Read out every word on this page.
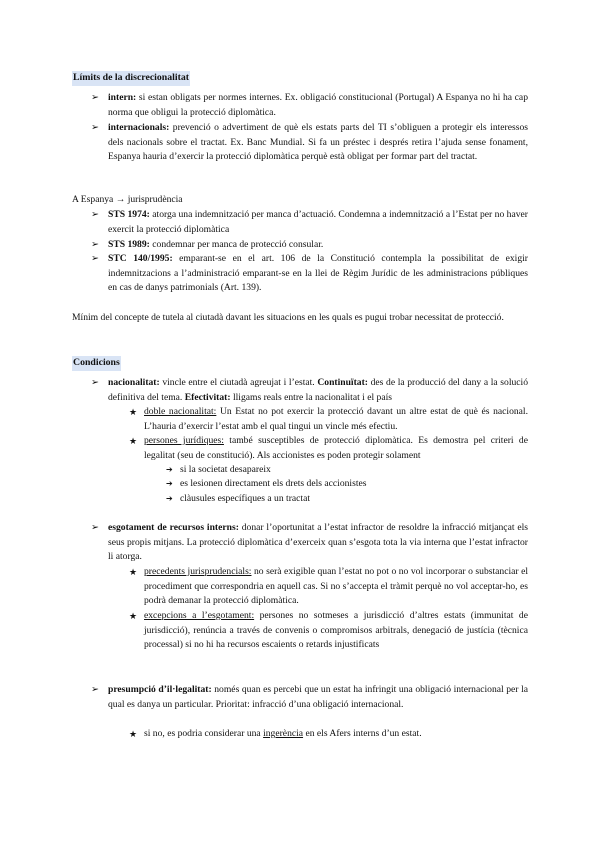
Límits de la discrecionalitat
➢ intern: si estan obligats per normes internes. Ex. obligació constitucional (Portugal) A Espanya no hi ha cap norma que obligui la protecció diplomàtica.
➢ internacionals: prevenció o advertiment de què els estats parts del TI s’obliguen a protegir els interessos dels nacionals sobre el tractat. Ex. Banc Mundial. Si fa un préstec i després retira l’ajuda sense fonament, Espanya hauria d’exercir la protecció diplomàtica perquè està obligat per formar part del tractat.
A Espanya → jurisprudència
➢ STS 1974: atorga una indemnització per manca d’actuació. Condemna a indemnització a l’Estat per no haver exercit la protecció diplomàtica
➢ STS 1989: condemnar per manca de protecció consular.
➢ STC 140/1995: emparant-se en el art. 106 de la Constitució contempla la possibilitat de exigir indemnitzacions a l’administració emparant-se en la llei de Règim Jurídic de les administracions públiques en cas de danys patrimonials (Art. 139).
Mínim del concepte de tutela al ciutadà davant les situacions en les quals es pugui trobar necessitat de protecció.
Condicions
➢ nacionalitat: vincle entre el ciutadà agreujat i l’estat. Continuïtat: des de la producció del dany a la solució definitiva del tema. Efectivitat: lligams reals entre la nacionalitat i el país
★ doble nacionalitat: Un Estat no pot exercir la protecció davant un altre estat de què és nacional. L’hauria d’exercir l’estat amb el qual tingui un vincle més efectiu.
★ persones jurídiques: també susceptibles de protecció diplomàtica. Es demostra pel criteri de legalitat (seu de constitució). Als accionistes es poden protegir solament
➔ si la societat desapareix
➔ es lesionen directament els drets dels accionistes
➔ clàusules específiques a un tractat
➢ esgotament de recursos interns: donar l’oportunitat a l’estat infractor de resoldre la infracció mitjançat els seus propis mitjans. La protecció diplomàtica d’exerceix quan s’esgota tota la via interna que l’estat infractor li atorga.
★ precedents jurisprudencials: no serà exigible quan l’estat no pot o no vol incorporar o substanciar el procediment que correspondria en aquell cas. Si no s’accepta el tràmit perquè no vol acceptar-ho, es podrà demanar la protecció diplomàtica.
★ excepcions a l’esgotament: persones no sotmeses a jurisdicció d’altres estats (immunitat de jurisdicció), renúncia a través de convenis o compromisos arbitrals, denegació de justícia (tècnica processal) si no hi ha recursos escaients o retards injustificats
➢ presumpció d’il·legalitat: només quan es percebi que un estat ha infringit una obligació internacional per la qual es danya un particular. Prioritat: infracció d’una obligació internacional.
★ si no, es podria considerar una ingerència en els Afers interns d’un estat.
